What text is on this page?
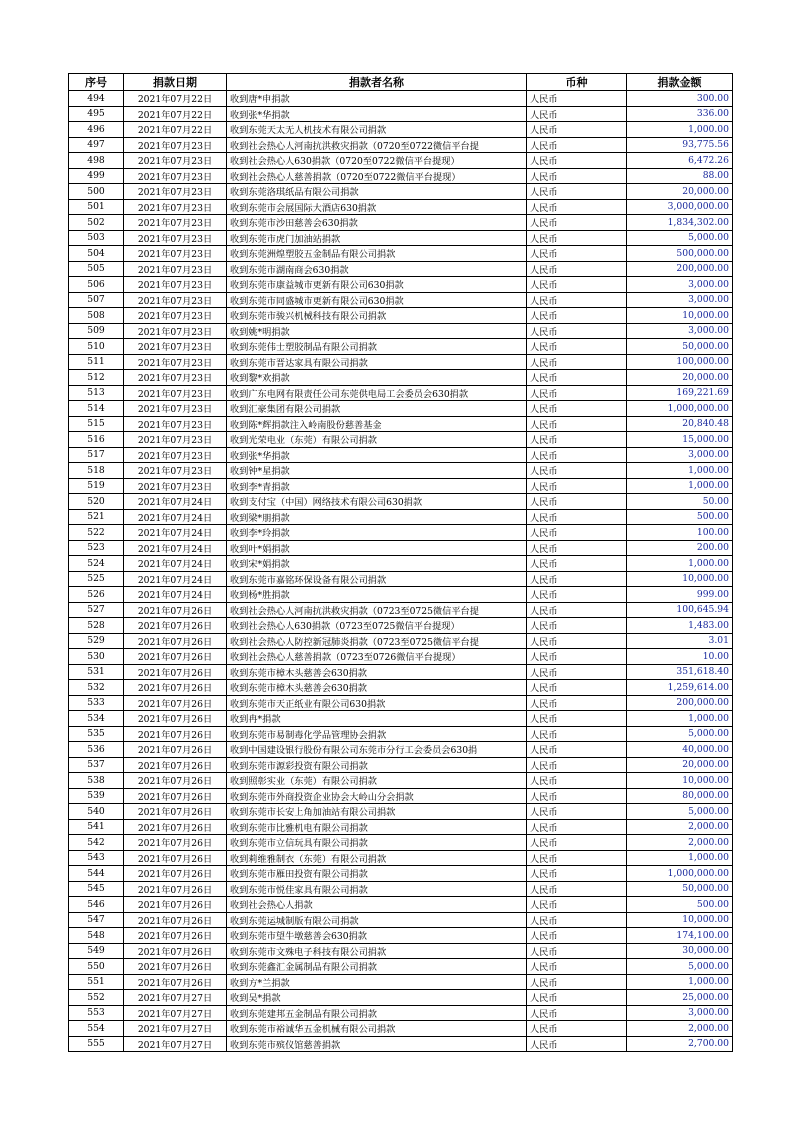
序号	捐款日期	捐款者名称	币种	捐款金额
494	2021年07月22日	收到唐*申捐款	人民币	300.00
495	2021年07月22日	收到张*华捐款	人民币	336.00
496	2021年07月22日	收到东莞天太无人机技术有限公司捐款	人民币	1,000.00
497	2021年07月23日	收到社会热心人河南抗洪救灾捐款（0720至0722微信平台提	人民币	93,775.56
498	2021年07月23日	收到社会热心人630捐款（0720至0722微信平台提现）	人民币	6,472.26
499	2021年07月23日	收到社会热心人慈善捐款（0720至0722微信平台提现）	人民币	88.00
500	2021年07月23日	收到东莞洛琪纸品有限公司捐款	人民币	20,000.00
501	2021年07月23日	收到东莞市会展国际大酒店630捐款	人民币	3,000,000.00
502	2021年07月23日	收到东莞市沙田慈善会630捐款	人民币	1,834,302.00
503	2021年07月23日	收到东莞市虎门加油站捐款	人民币	5,000.00
504	2021年07月23日	收到东莞洲煌塑胶五金制品有限公司捐款	人民币	500,000.00
505	2021年07月23日	收到东莞市湖南商会630捐款	人民币	200,000.00
506	2021年07月23日	收到东莞市康益城市更新有限公司630捐款	人民币	3,000.00
507	2021年07月23日	收到东莞市同盛城市更新有限公司630捐款	人民币	3,000.00
508	2021年07月23日	收到东莞市骏兴机械科技有限公司捐款	人民币	10,000.00
509	2021年07月23日	收到姚*明捐款	人民币	3,000.00
510	2021年07月23日	收到东莞伟士塑胶制品有限公司捐款	人民币	50,000.00
511	2021年07月23日	收到东莞市晋达家具有限公司捐款	人民币	100,000.00
512	2021年07月23日	收到黎*欢捐款	人民币	20,000.00
513	2021年07月23日	收到广东电网有限责任公司东莞供电局工会委员会630捐款	人民币	169,221.69
514	2021年07月23日	收到汇豪集团有限公司捐款	人民币	1,000,000.00
515	2021年07月23日	收到陈*辉捐款注入岭南股份慈善基金	人民币	20,840.48
516	2021年07月23日	收到光荣电业（东莞）有限公司捐款	人民币	15,000.00
517	2021年07月23日	收到张*华捐款	人民币	3,000.00
518	2021年07月23日	收到钟*星捐款	人民币	1,000.00
519	2021年07月23日	收到李*青捐款	人民币	1,000.00
520	2021年07月24日	收到支付宝（中国）网络技术有限公司630捐款	人民币	50.00
521	2021年07月24日	收到梁*朋捐款	人民币	500.00
522	2021年07月24日	收到李*玲捐款	人民币	100.00
523	2021年07月24日	收到叶*娟捐款	人民币	200.00
524	2021年07月24日	收到宋*娟捐款	人民币	1,000.00
525	2021年07月24日	收到东莞市嘉铭环保设备有限公司捐款	人民币	10,000.00
526	2021年07月24日	收到杨*胜捐款	人民币	999.00
527	2021年07月26日	收到社会热心人河南抗洪救灾捐款（0723至0725微信平台提	人民币	100,645.94
528	2021年07月26日	收到社会热心人630捐款（0723至0725微信平台提现）	人民币	1,483.00
529	2021年07月26日	收到社会热心人防控新冠肺炎捐款（0723至0725微信平台提	人民币	3.01
530	2021年07月26日	收到社会热心人慈善捐款（0723至0726微信平台提现）	人民币	10.00
531	2021年07月26日	收到东莞市樟木头慈善会630捐款	人民币	351,618.40
532	2021年07月26日	收到东莞市樟木头慈善会630捐款	人民币	1,259,614.00
533	2021年07月26日	收到东莞市天正纸业有限公司630捐款	人民币	200,000.00
534	2021年07月26日	收到冉*捐款	人民币	1,000.00
535	2021年07月26日	收到东莞市易制毒化学品管理协会捐款	人民币	5,000.00
536	2021年07月26日	收到中国建设银行股份有限公司东莞市分行工会委员会630捐	人民币	40,000.00
537	2021年07月26日	收到东莞市源彩投资有限公司捐款	人民币	20,000.00
538	2021年07月26日	收到照彰实业（东莞）有限公司捐款	人民币	10,000.00
539	2021年07月26日	收到东莞市外商投资企业协会大岭山分会捐款	人民币	80,000.00
540	2021年07月26日	收到东莞市长安上角加油站有限公司捐款	人民币	5,000.00
541	2021年07月26日	收到东莞市比雅机电有限公司捐款	人民币	2,000.00
542	2021年07月26日	收到东莞市立信玩具有限公司捐款	人民币	2,000.00
543	2021年07月26日	收到莉维雅制衣（东莞）有限公司捐款	人民币	1,000.00
544	2021年07月26日	收到东莞市雁田投资有限公司捐款	人民币	1,000,000.00
545	2021年07月26日	收到东莞市悦佳家具有限公司捐款	人民币	50,000.00
546	2021年07月26日	收到社会热心人捐款	人民币	500.00
547	2021年07月26日	收到东莞运城制版有限公司捐款	人民币	10,000.00
548	2021年07月26日	收到东莞市望牛墩慈善会630捐款	人民币	174,100.00
549	2021年07月26日	收到东莞市文殊电子科技有限公司捐款	人民币	30,000.00
550	2021年07月26日	收到东莞鑫汇金属制品有限公司捐款	人民币	5,000.00
551	2021年07月26日	收到方*兰捐款	人民币	1,000.00
552	2021年07月27日	收到吴*捐款	人民币	25,000.00
553	2021年07月27日	收到东莞建邦五金制品有限公司捐款	人民币	3,000.00
554	2021年07月27日	收到东莞市裕诚华五金机械有限公司捐款	人民币	2,000.00
555	2021年07月27日	收到东莞市殡仪馆慈善捐款	人民币	2,700.00
